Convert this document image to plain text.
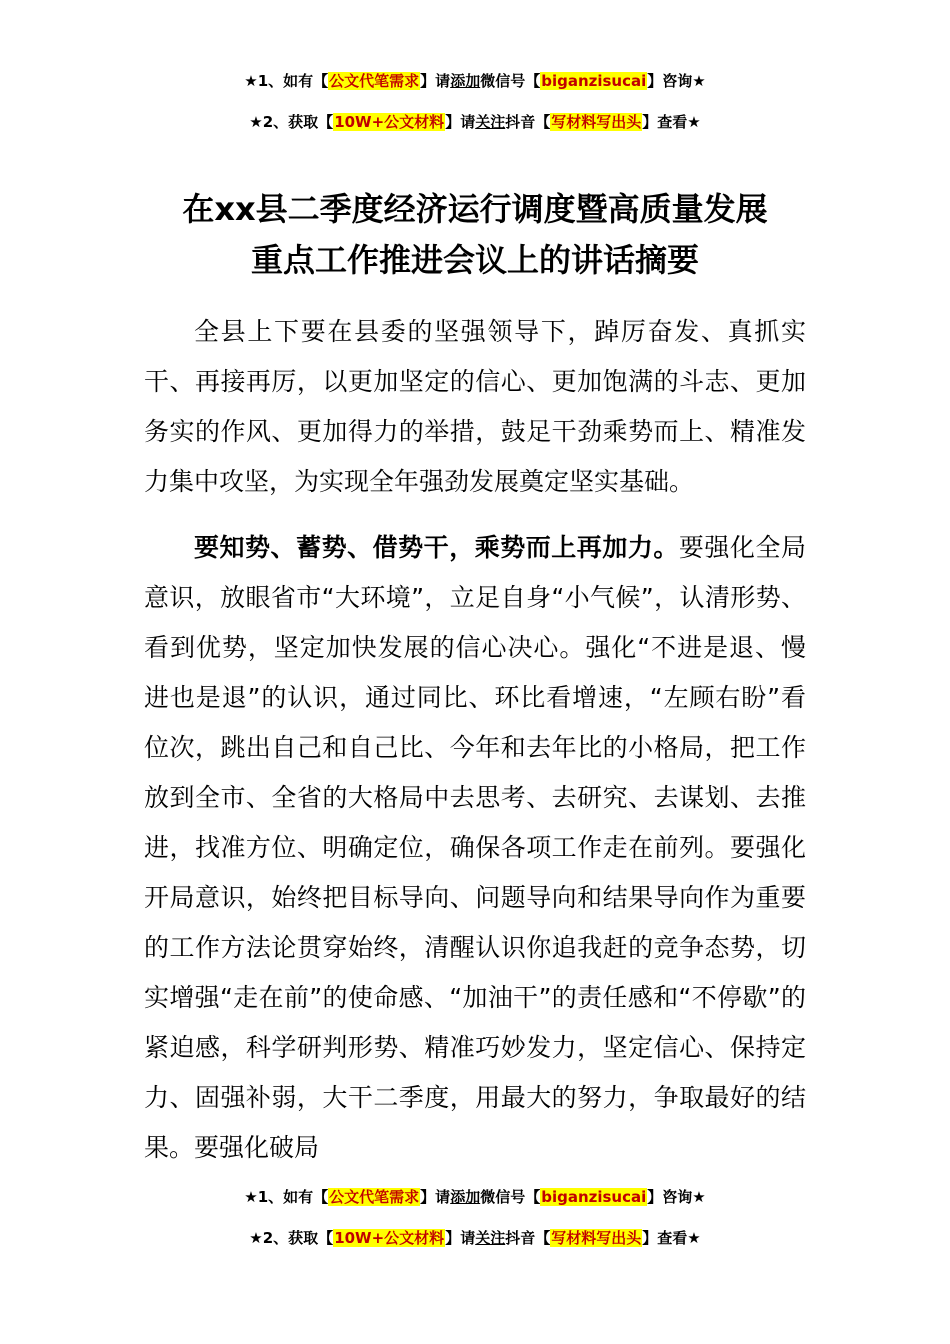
★1、如有【公文代笔需求】请添加微信号【biganzisucai】咨询★
★2、获取【10W+公文材料】请关注抖音【写材料写出头】查看★
在xx县二季度经济运行调度暨高质量发展
重点工作推进会议上的讲话摘要

全县上下要在县委的坚强领导下，踔厉奋发、真抓实干、再接再厉，以更加坚定的信心、更加饱满的斗志、更加务实的作风、更加得力的举措，鼓足干劲乘势而上、精准发力集中攻坚，为实现全年强劲发展奠定坚实基础。

要知势、蓄势、借势干，乘势而上再加力。要强化全局意识，放眼省市“大环境”，立足自身“小气候”，认清形势、看到优势，坚定加快发展的信心决心。强化“不进是退、慢进也是退”的认识，通过同比、环比看增速，“左顾右盼”看位次，跳出自己和自己比、今年和去年比的小格局，把工作放到全市、全省的大格局中去思考、去研究、去谋划、去推进，找准方位、明确定位，确保各项工作走在前列。要强化开局意识，始终把目标导向、问题导向和结果导向作为重要的工作方法论贯穿始终，清醒认识你追我赶的竞争态势，切实增强“走在前”的使命感、“加油干”的责任感和“不停歇”的紧迫感，科学研判形势、精准巧妙发力，坚定信心、保持定力、固强补弱，大干二季度，用最大的努力，争取最好的结果。要强化破局

★1、如有【公文代笔需求】请添加微信号【biganzisucai】咨询★
★2、获取【10W+公文材料】请关注抖音【写材料写出头】查看★
